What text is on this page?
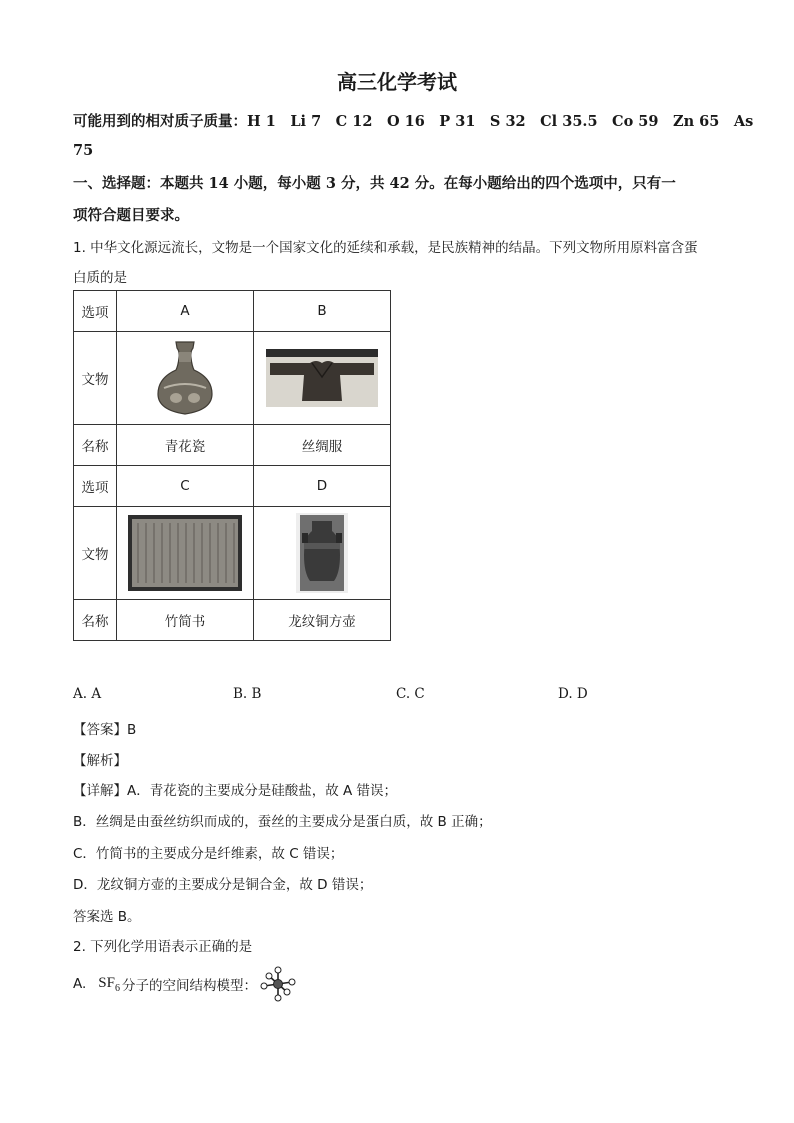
高三化学考试
可能用到的相对质子质量：H 1　Li 7　C 12　O 16　P 31　S 32　Cl 35.5　Co 59　Zn 65　As
75
一、选择题：本题共 14 小题，每小题 3 分，共 42 分。在每小题给出的四个选项中，只有一
项符合题目要求。
1. 中华文化源远流长，文物是一个国家文化的延续和承载，是民族精神的结晶。下列文物所用原料富含蛋
白质的是
选项	A	B
文物	

名称	青花瓷	丝绸服
选项	C	D
文物	

名称	竹简书	龙纹铜方壶
A. A	B. B	C. C	D. D
【答案】B
【解析】
【详解】A．青花瓷的主要成分是硅酸盐，故 A 错误；
B．丝绸是由蚕丝纺织而成的，蚕丝的主要成分是蛋白质，故 B 正确；
C．竹简书的主要成分是纤维素，故 C 错误；
D．龙纹铜方壶的主要成分是铜合金，故 D 错误；
答案选 B。
2. 下列化学用语表示正确的是
A. $SF_6$ 分子的空间结构模型：
